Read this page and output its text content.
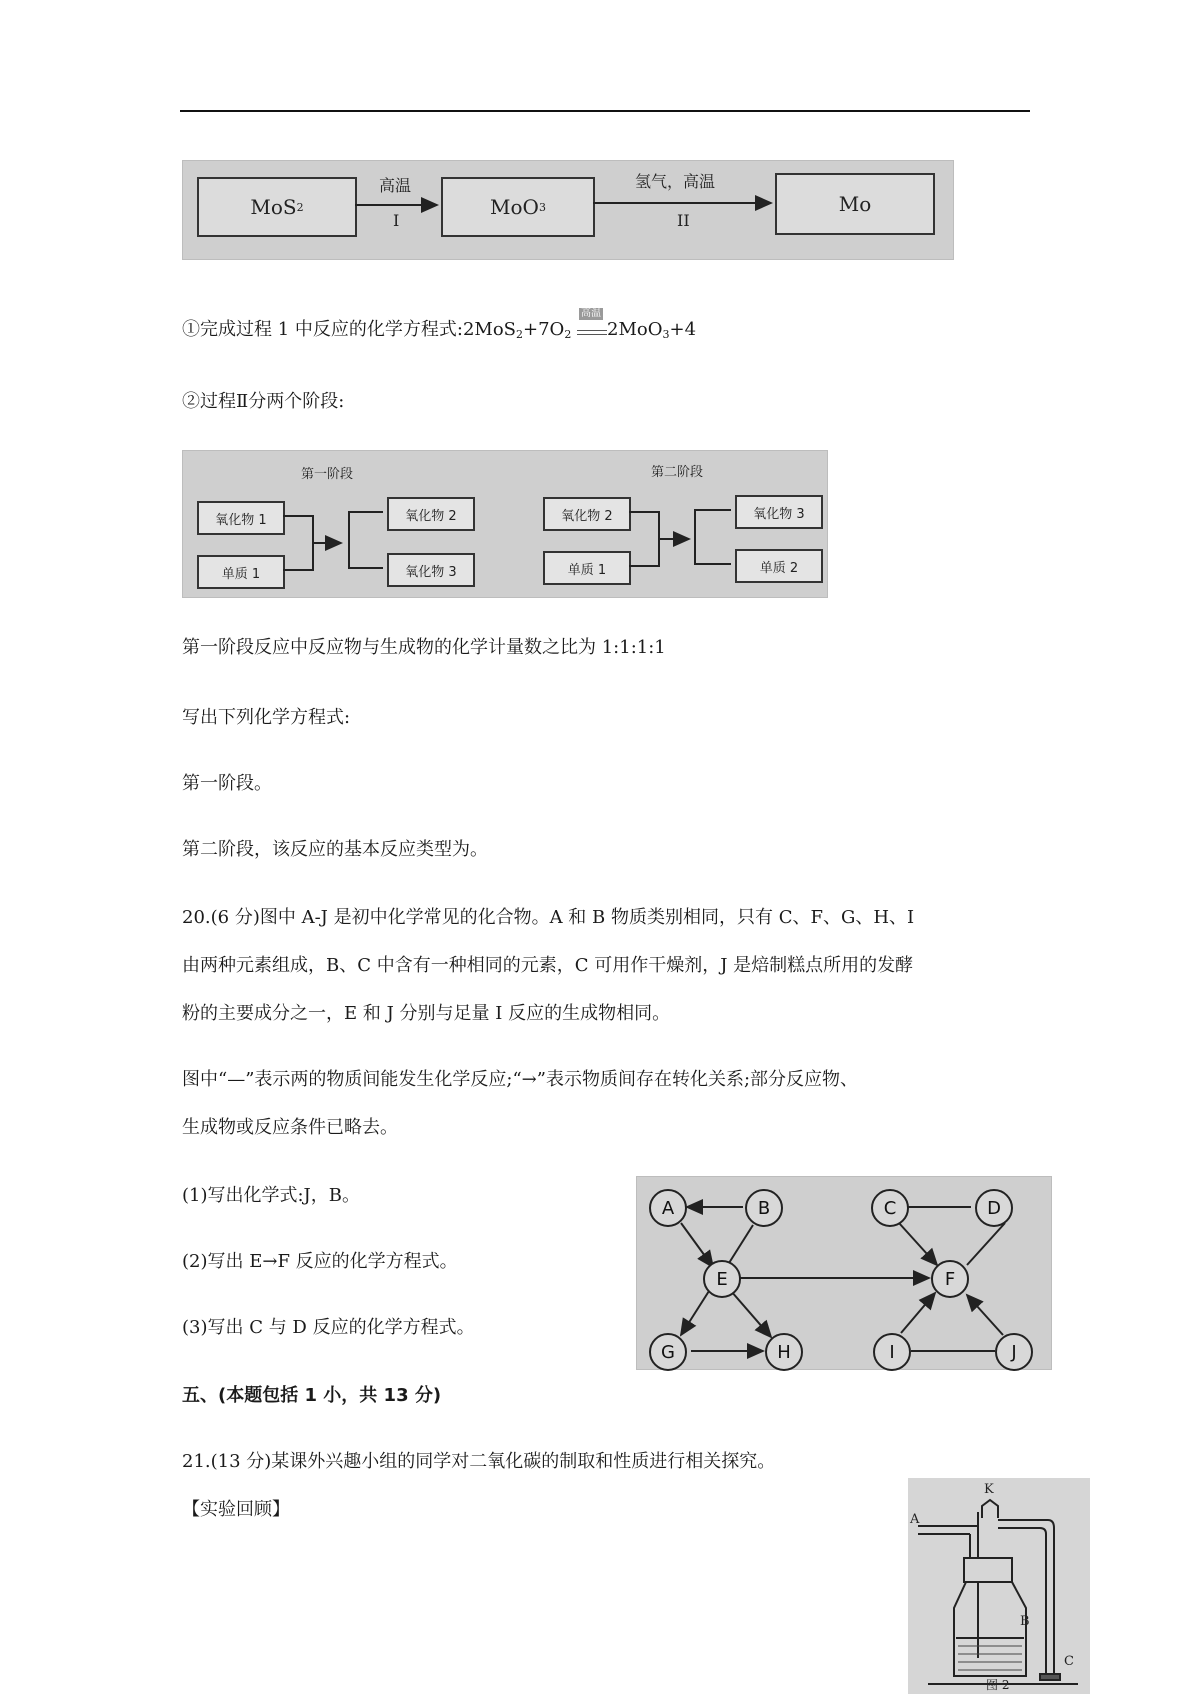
MoS 2	MoO 3	Mo
高温
I
氢气，高温
II
①完成过程 1 中反应的化学方程式$:2MoS_2+7O_2$
高温
2MoO$_3$+4
②过程Ⅱ分两个阶段:
第一阶段	第二阶段
氧化物 1
单质 1
氧化物 2
氧化物 3
氧化物 2
单质 1
氧化物 3
单质 2
第一阶段反应中反应物与生成物的化学计量数之比为 1:1:1:1
写出下列化学方程式:
第一阶段。
第二阶段，该反应的基本反应类型为。
20.(6 分)图中 A-J 是初中化学常见的化合物。A 和 B 物质类别相同，只有 C、F、G、H、I
由两种元素组成，B、C 中含有一种相同的元素，C 可用作干燥剂，J 是焙制糕点所用的发酵
粉的主要成分之一，E 和 J 分别与足量 I 反应的生成物相同。
图中“—”表示两的物质间能发生化学反应;“→”表示物质间存在转化关系;部分反应物、
生成物或反应条件已略去。
(1)写出化学式:J，B。
(2)写出 E→F 反应的化学方程式。
(3)写出 C 与 D 反应的化学方程式。
A	B	C	D
E	F
G	H	I	J
五、(本题包括 1 小，共 13 分)
21.(13 分)某课外兴趣小组的同学对二氧化碳的制取和性质进行相关探究。
【实验回顾】	A
K
B
C
图 2
